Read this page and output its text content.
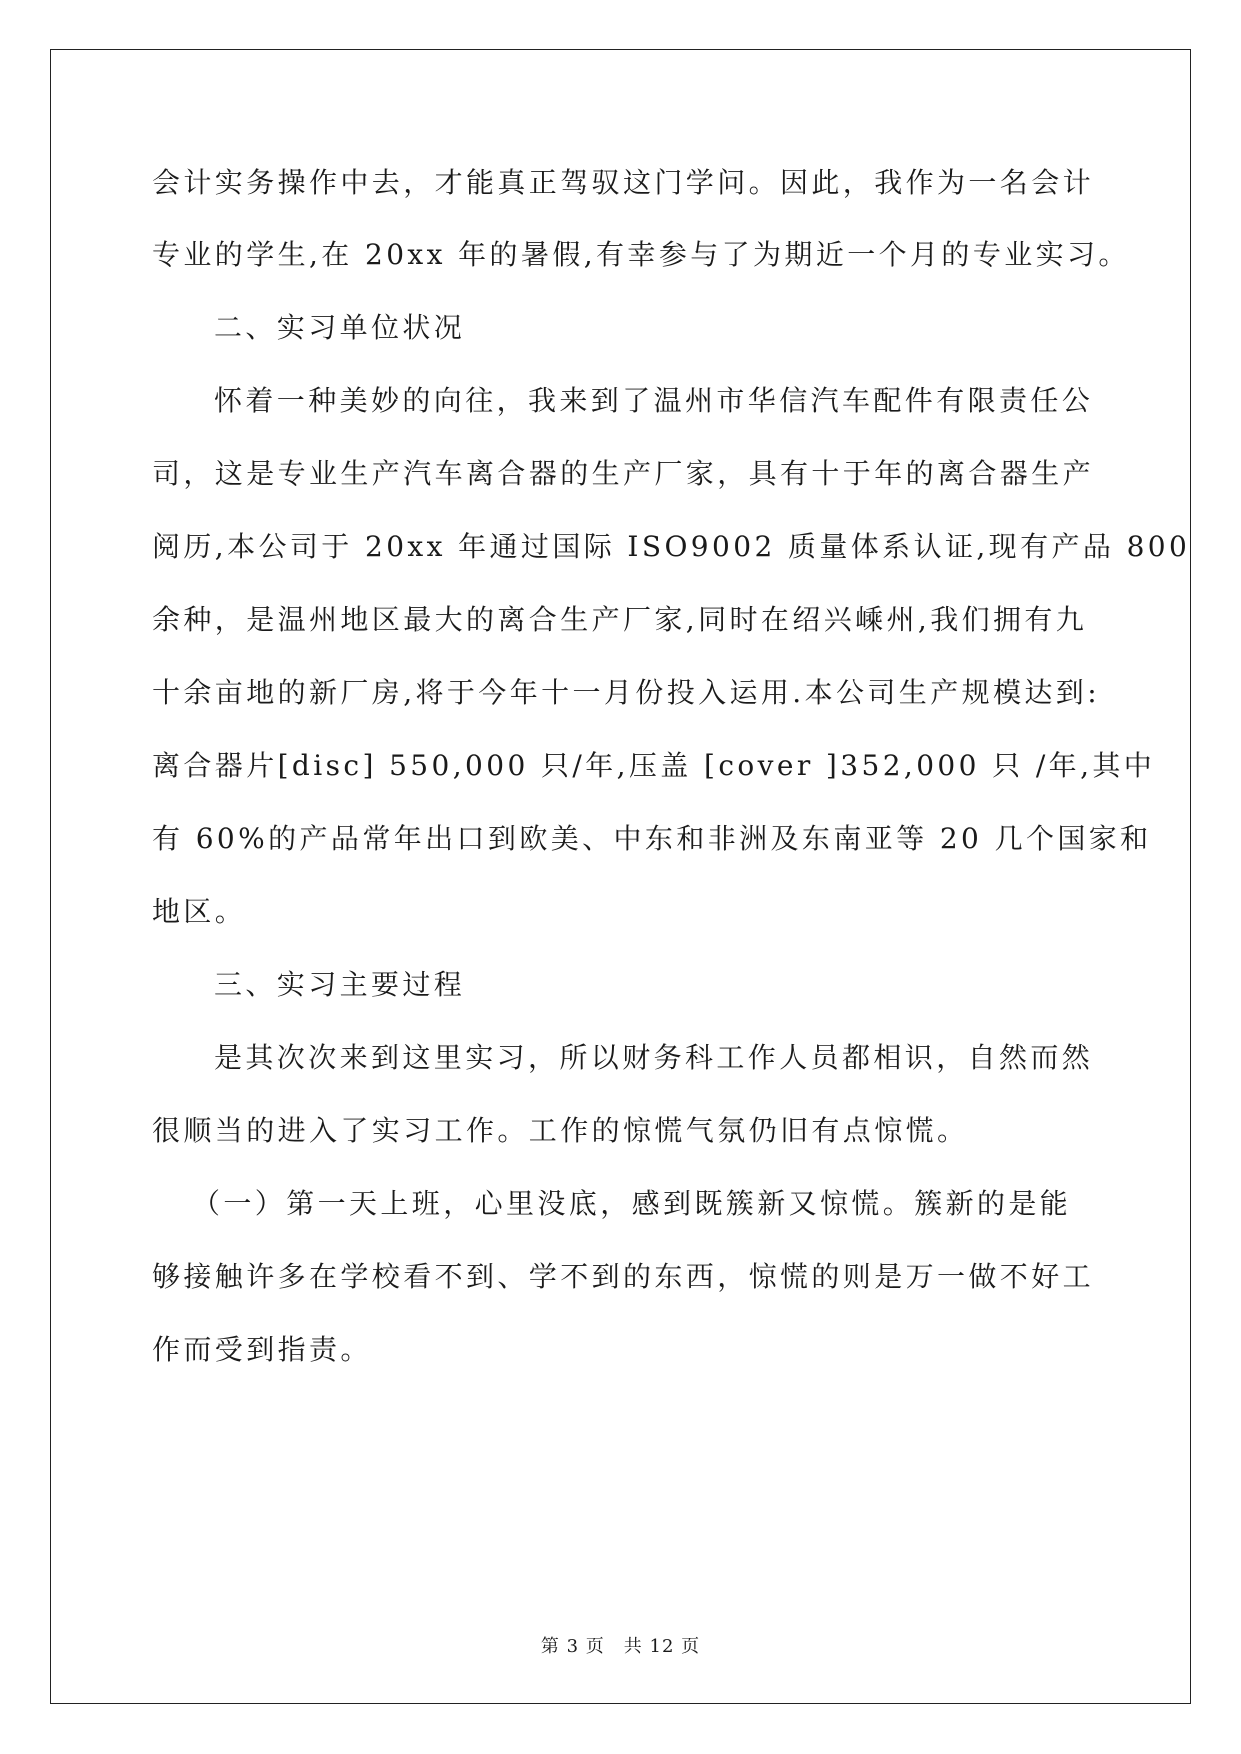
会计实务操作中去，才能真正驾驭这门学问。因此，我作为一名会计
专业的学生,在 20xx 年的暑假,有幸参与了为期近一个月的专业实习。
二、实习单位状况
怀着一种美妙的向往，我来到了温州市华信汽车配件有限责任公
司，这是专业生产汽车离合器的生产厂家，具有十于年的离合器生产
阅历,本公司于 20xx 年通过国际 ISO9002 质量体系认证,现有产品 800
余种，是温州地区最大的离合生产厂家,同时在绍兴嵊州,我们拥有九
十余亩地的新厂房,将于今年十一月份投入运用.本公司生产规模达到:
离合器片[disc] 550,000 只/年,压盖 [cover ]352,000 只 /年,其中
有 60%的产品常年出口到欧美、中东和非洲及东南亚等 20 几个国家和
地区。
三、实习主要过程
是其次次来到这里实习，所以财务科工作人员都相识，自然而然
很顺当的进入了实习工作。工作的惊慌气氛仍旧有点惊慌。
（一）第一天上班，心里没底，感到既簇新又惊慌。簇新的是能
够接触许多在学校看不到、学不到的东西，惊慌的则是万一做不好工
作而受到指责。
第 3 页　共 12 页
